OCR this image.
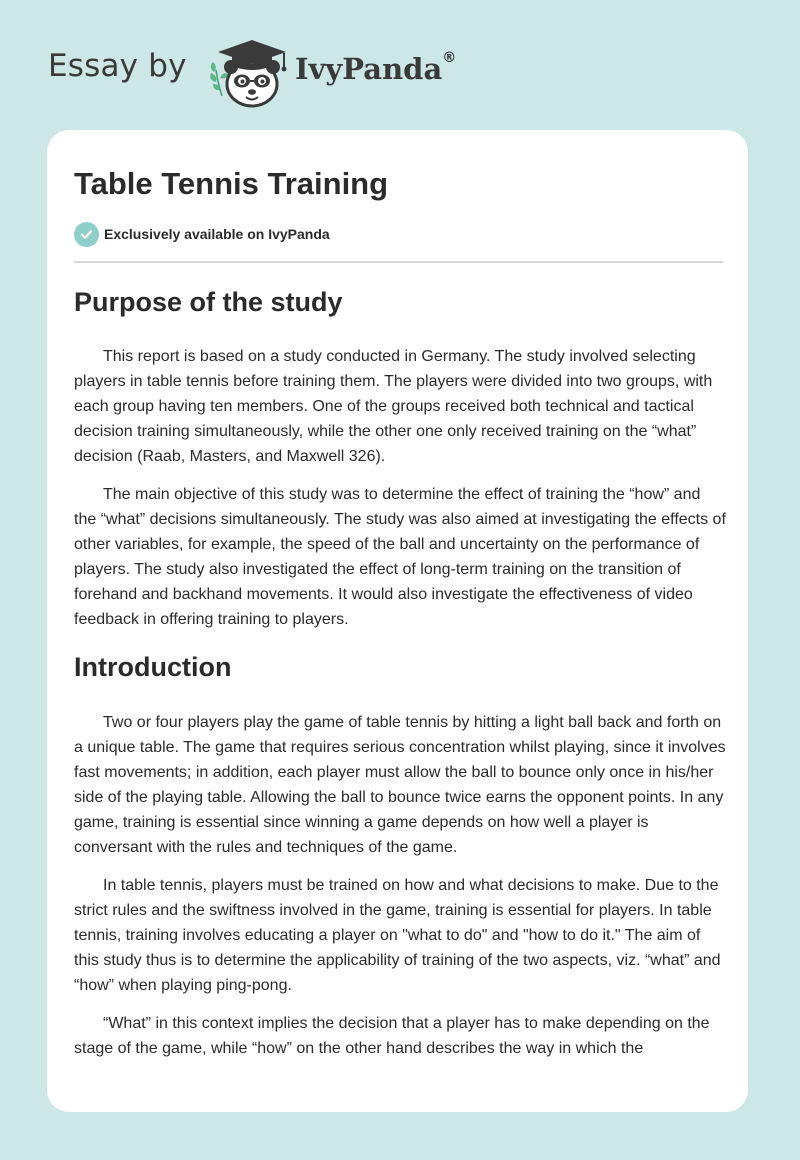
Essay by	IvyPanda®
Table Tennis Training
Exclusively available on IvyPanda
Purpose of the study

This report is based on a study conducted in Germany. The study involved selecting players in table tennis before training them. The players were divided into two groups, with each group having ten members. One of the groups received both technical and tactical decision training simultaneously, while the other one only received training on the “what” decision (Raab, Masters, and Maxwell 326).

The main objective of this study was to determine the effect of training the “how” and the “what” decisions simultaneously. The study was also aimed at investigating the effects of other variables, for example, the speed of the ball and uncertainty on the performance of players. The study also investigated the effect of long-term training on the transition of forehand and backhand movements. It would also investigate the effectiveness of video feedback in offering training to players.

Introduction

Two or four players play the game of table tennis by hitting a light ball back and forth on a unique table. The game that requires serious concentration whilst playing, since it involves fast movements; in addition, each player must allow the ball to bounce only once in his/her side of the playing table. Allowing the ball to bounce twice earns the opponent points. In any game, training is essential since winning a game depends on how well a player is conversant with the rules and techniques of the game.

In table tennis, players must be trained on how and what decisions to make. Due to the strict rules and the swiftness involved in the game, training is essential for players. In table tennis, training involves educating a player on "what to do" and "how to do it." The aim of this study thus is to determine the applicability of training of the two aspects, viz. “what” and “how” when playing ping-pong.

“What” in this context implies the decision that a player has to make depending on the stage of the game, while “how” on the other hand describes the way in which the
